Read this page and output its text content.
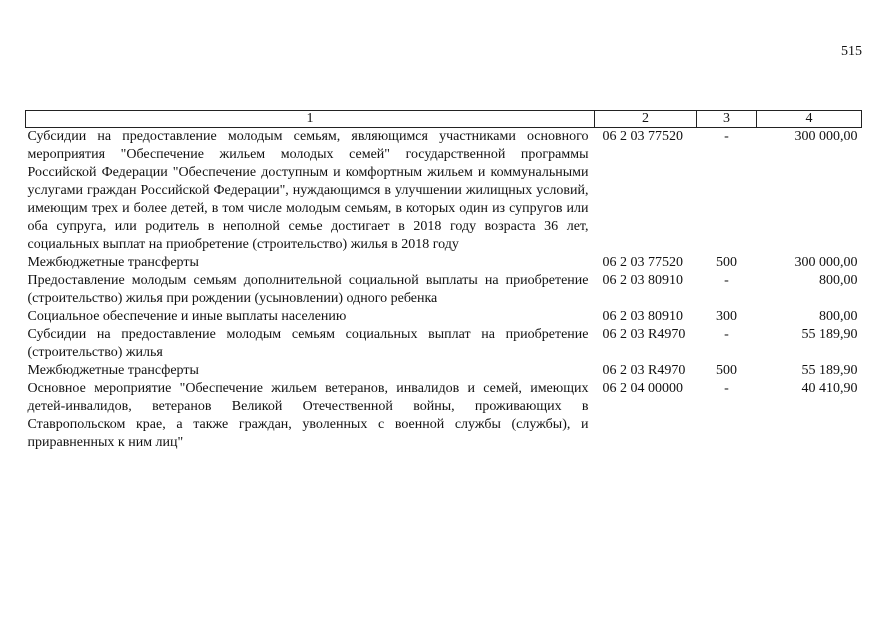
515
1	2	3	4
Субсидии на предоставление молодым семьям, являющимся участниками основного мероприятия "Обеспечение жильем молодых семей" государственной программы Российской Федерации "Обеспечение доступным и комфортным жильем и коммунальными услугами граждан Российской Федерации", нуждающимся в улучшении жилищных условий, имеющим трех и более детей, в том числе молодым семьям, в которых один из супругов или оба супруга, или родитель в неполной семье достигает в 2018 году возраста 36 лет, социальных выплат на приобретение (строительство) жилья в 2018 году	06 2 03 77520	-	300 000,00
Межбюджетные трансферты	06 2 03 77520	500	300 000,00
Предоставление молодым семьям дополнительной социальной выплаты на приобретение (строительство) жилья при рождении (усыновлении) одного ребенка	06 2 03 80910	-	800,00
Социальное обеспечение и иные выплаты населению	06 2 03 80910	300	800,00
Субсидии на предоставление молодым семьям социальных выплат на приобретение (строительство) жилья	06 2 03 R4970	-	55 189,90
Межбюджетные трансферты	06 2 03 R4970	500	55 189,90
Основное мероприятие "Обеспечение жильем ветеранов, инвалидов и семей, имеющих детей-инвалидов, ветеранов Великой Отечественной войны, проживающих в Ставропольском крае, а также граждан, уволенных с военной службы (службы), и приравненных к ним лиц"	06 2 04 00000	-	40 410,90
